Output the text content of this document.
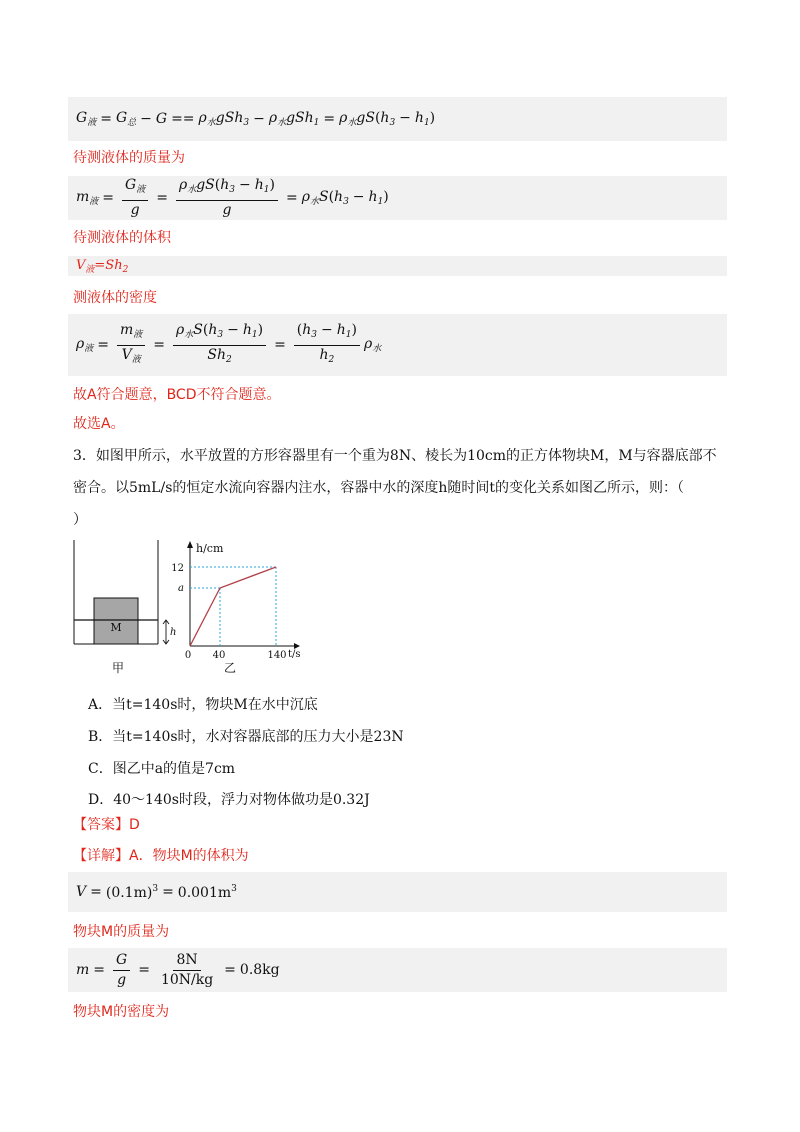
$G_液 = G_总 - G == \rho_水gSh_3 - \rho_水gSh_1 = \rho_水gS(h_3 - h_1)$
待测液体的质量为
$m_液 = \frac{G_液}{g} = \frac{\rho_水gS(h_3 - h_1)}{g} = \rho_水S(h_3 - h_1)$
待测液体的体积
$V_液=Sh_2$
测液体的密度
$\rho_液 = \frac{m_液}{V_液} = \frac{\rho_水S(h_3 - h_1)}{Sh_2} = \frac{(h_3 - h_1)}{h_2} \rho_水$
故A符合题意，BCD不符合题意。
故选A。
3．如图甲所示，水平放置的方形容器里有一个重为8N、棱长为10cm的正方体物块M，M与容器底部不
密合。以5mL/s的恒定水流向容器内注水，容器中水的深度h随时间t的变化关系如图乙所示，则：（
）
M	h
甲
h/cm
t/s
12
a
0 40	140
乙
A．当t=140s时，物块M在水中沉底
B．当t=140s时，水对容器底部的压力大小是23N
C．图乙中a的值是7cm
D．40～140s时段，浮力对物体做功是0.32J
【答案】D
【详解】A．物块M的体积为
$V = (0.1m)^3 = 0.001m^3$
物块M的质量为
$m = \frac{G}{g} = \frac{8N}{10N/kg} = 0.8kg$
物块M的密度为
